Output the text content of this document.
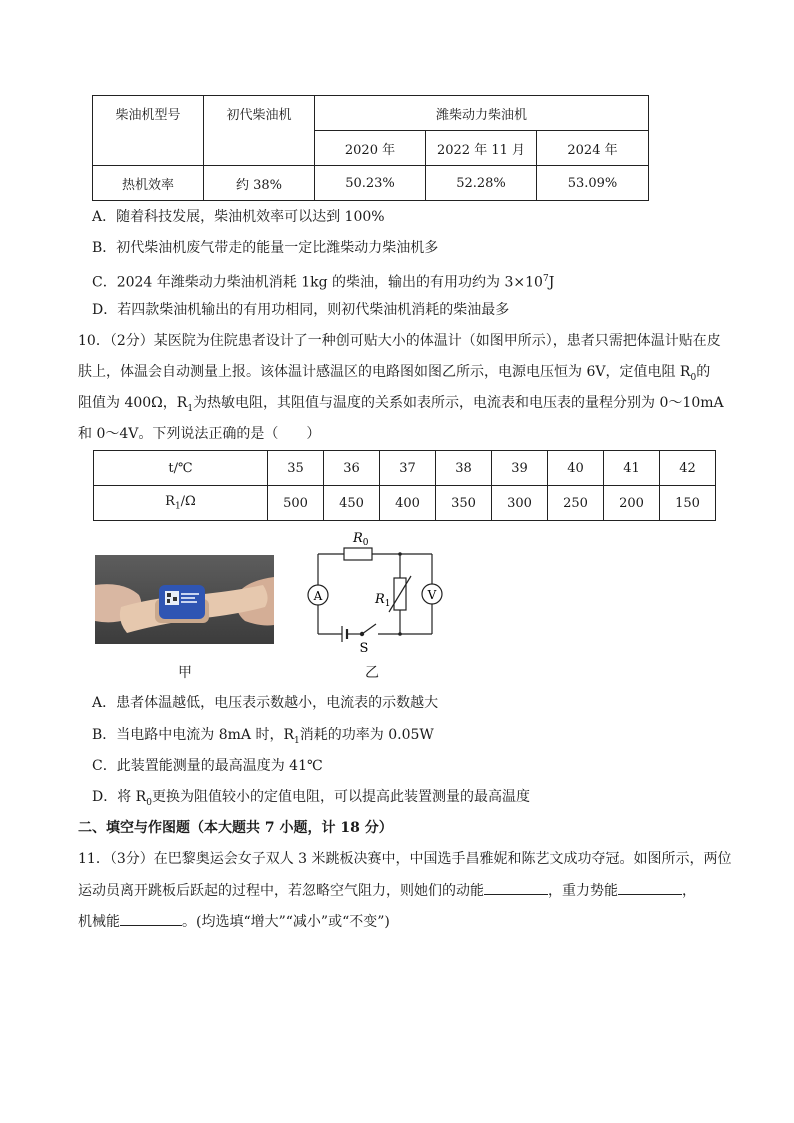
柴油机型号	初代柴油机	潍柴动力柴油机		
		2020 年	2022 年 11 月	2024 年
热机效率	约 38%	50.23%	52.28%	53.09%
A．随着科技发展，柴油机效率可以达到 100%
B．初代柴油机废气带走的能量一定比潍柴动力柴油机多
C．2024 年潍柴动力柴油机消耗 1kg 的柴油，输出的有用功约为 $3\times 10^7J$
D．若四款柴油机输出的有用功相同，则初代柴油机消耗的柴油最多
10．（2分）某医院为住院患者设计了一种创可贴大小的体温计（如图甲所示），患者只需把体温计贴在皮
肤上，体温会自动测量上报。该体温计感温区的电路图如图乙所示，电源电压恒为 6V，定值电阻 $R_0$的
阻值为 400Ω，$R_1$为热敏电阻，其阻值与温度的关系如表所示，电流表和电压表的量程分别为 0～10mA
和 0～4V。下列说法正确的是（　　）
t/℃	35	36	37	38	39	40	41	42
$R_1/\Omega$	500	450	400	350	300	250	200	150
甲
$R_0$
$R_1$
A	V
S
乙
A．患者体温越低，电压表示数越小，电流表的示数越大
B．当电路中电流为 8mA 时，$R_1$消耗的功率为 0.05W
C．此装置能测量的最高温度为 41℃
D．将 $R_0$更换为阻值较小的定值电阻，可以提高此装置测量的最高温度
二、填空与作图题（本大题共 7 小题，计 18 分）
11．（3分）在巴黎奥运会女子双人 3 米跳板决赛中，中国选手昌雅妮和陈艺文成功夺冠。如图所示，两位
运动员离开跳板后跃起的过程中，若忽略空气阻力，则她们的动能	，重力势能	，
机械能	。(均选填“增大”“减小”或“不变”)
